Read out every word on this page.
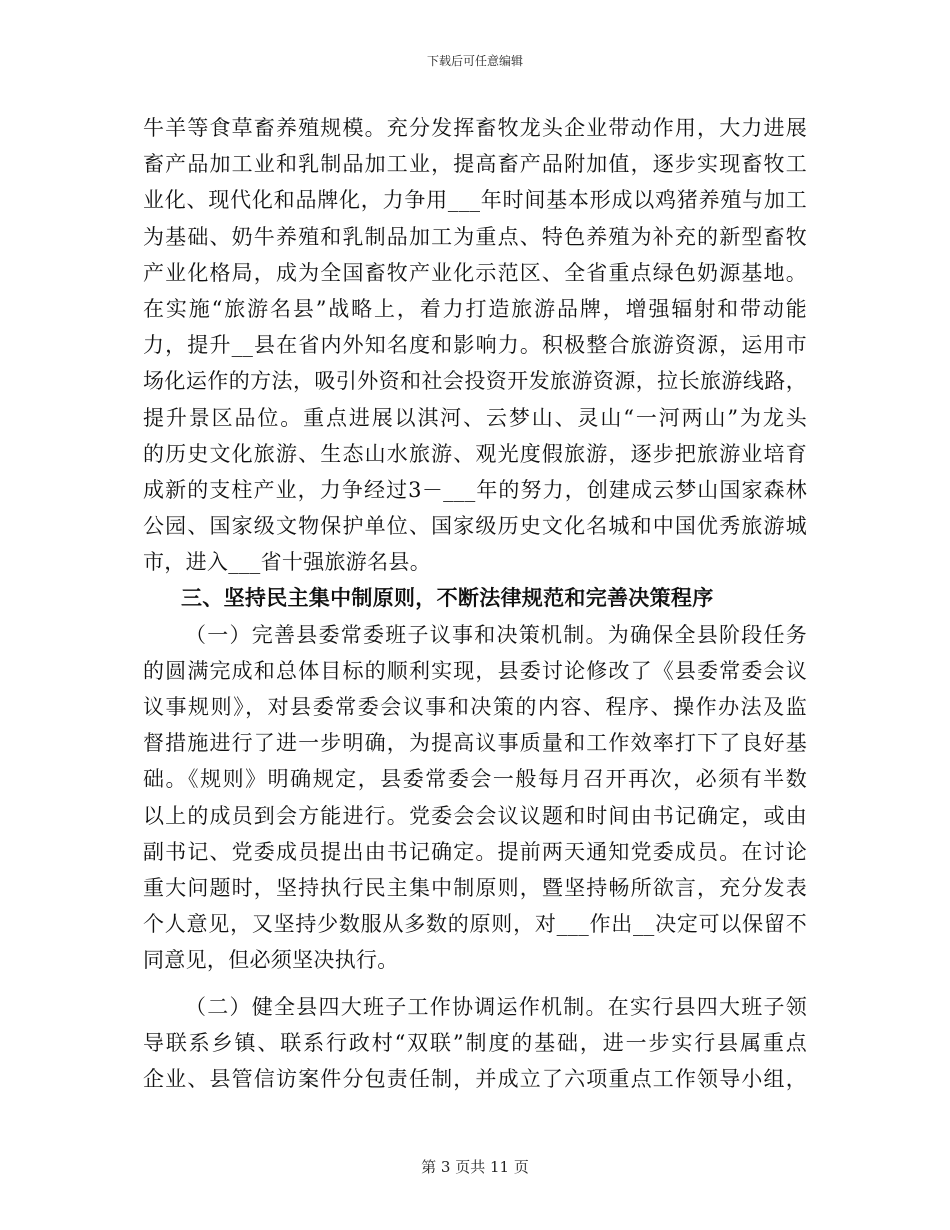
下载后可任意编辑
牛羊等食草畜养殖规模。充分发挥畜牧龙头企业带动作用，大力进展
畜产品加工业和乳制品加工业，提高畜产品附加值，逐步实现畜牧工
业化、现代化和品牌化，力争用___年时间基本形成以鸡猪养殖与加工
为基础、奶牛养殖和乳制品加工为重点、特色养殖为补充的新型畜牧
产业化格局，成为全国畜牧产业化示范区、全省重点绿色奶源基地。
在实施“旅游名县”战略上，着力打造旅游品牌，增强辐射和带动能
力，提升__县在省内外知名度和影响力。积极整合旅游资源，运用市
场化运作的方法，吸引外资和社会投资开发旅游资源，拉长旅游线路，
提升景区品位。重点进展以淇河、云梦山、灵山“一河两山”为龙头
的历史文化旅游、生态山水旅游、观光度假旅游，逐步把旅游业培育
成新的支柱产业，力争经过3－___年的努力，创建成云梦山国家森林
公园、国家级文物保护单位、国家级历史文化名城和中国优秀旅游城
市，进入___省十强旅游名县。
三、坚持民主集中制原则，不断法律规范和完善决策程序
（一）完善县委常委班子议事和决策机制。为确保全县阶段任务
的圆满完成和总体目标的顺利实现，县委讨论修改了《县委常委会议
议事规则》，对县委常委会议事和决策的内容、程序、操作办法及监
督措施进行了进一步明确，为提高议事质量和工作效率打下了良好基
础。《规则》明确规定，县委常委会一般每月召开再次，必须有半数
以上的成员到会方能进行。党委会会议议题和时间由书记确定，或由
副书记、党委成员提出由书记确定。提前两天通知党委成员。在讨论
重大问题时，坚持执行民主集中制原则，暨坚持畅所欲言，充分发表
个人意见，又坚持少数服从多数的原则，对___作出__决定可以保留不
同意见，但必须坚决执行。
（二）健全县四大班子工作协调运作机制。在实行县四大班子领
导联系乡镇、联系行政村“双联”制度的基础，进一步实行县属重点
企业、县管信访案件分包责任制，并成立了六项重点工作领导小组，
第 3 页共 11 页
